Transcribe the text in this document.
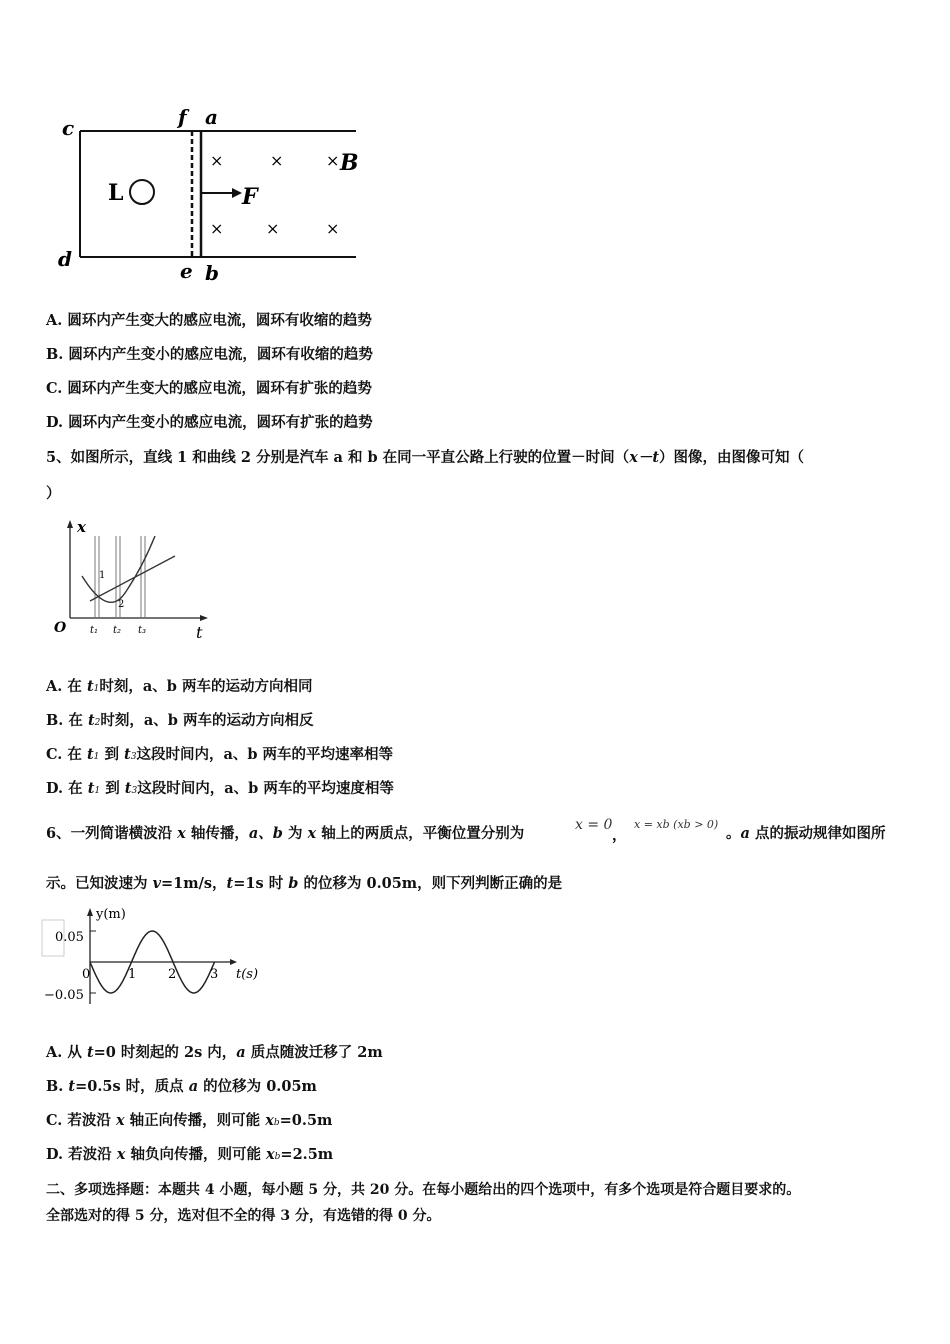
c
d
f a
e b
L	F
B
×	×	×
×	×	×
A. 圆环内产生变大的感应电流，圆环有收缩的趋势
B. 圆环内产生变小的感应电流，圆环有收缩的趋势
C. 圆环内产生变大的感应电流，圆环有扩张的趋势
D. 圆环内产生变小的感应电流，圆环有扩张的趋势
5、如图所示，直线 1 和曲线 2 分别是汽车 a 和 b 在同一平直公路上行驶的位置－时间（x－t）图像，由图像可知（
）
x
t
O
1
2
t₁ t₂ t₃
A. 在 t1时刻，a、b 两车的运动方向相同
B. 在 t2时刻，a、b 两车的运动方向相反
C. 在 t1 到 t3这段时间内，a、b 两车的平均速率相等
D. 在 t1 到 t3这段时间内，a、b 两车的平均速度相等
6、一列简谐横波沿 x 轴传播，a、b 为 x 轴上的两质点，平衡位置分别为	x = 0
，
x = xb (xb > 0)
。a 点的振动规律如图所
示。已知波速为 v=1m/s，t=1s 时 b 的位移为 0.05m，则下列判断正确的是
y(m)
0.05
−0.05
0	1 2	3 t(s)
A. 从 t=0 时刻起的 2s 内，a 质点随波迁移了 2m
B. t=0.5s 时，质点 a 的位移为 0.05m
C. 若波沿 x 轴正向传播，则可能 xb=0.5m
D. 若波沿 x 轴负向传播，则可能 xb=2.5m
二、多项选择题：本题共 4 小题，每小题 5 分，共 20 分。在每小题给出的四个选项中，有多个选项是符合题目要求的。
全部选对的得 5 分，选对但不全的得 3 分，有选错的得 0 分。
